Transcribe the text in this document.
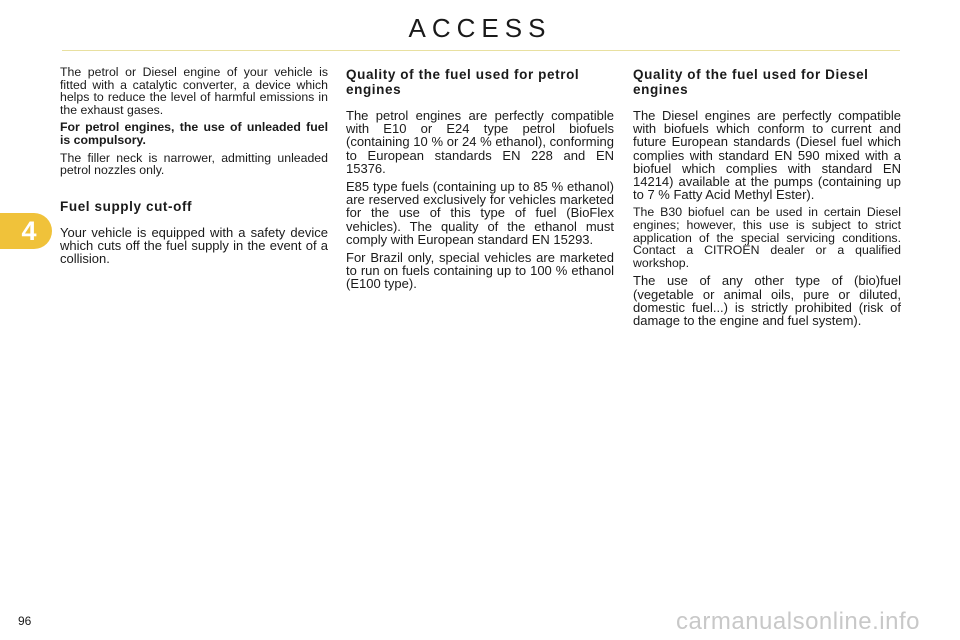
ACCESS
4

The petrol or Diesel engine of your vehicle is fitted with a catalytic converter, a device which helps to reduce the level of harmful emissions in the exhaust gases.

For petrol engines, the use of unleaded fuel is compulsory.

The filler neck is narrower, admitting unleaded petrol nozzles only.

Fuel supply cut-off

Your vehicle is equipped with a safety device which cuts off the fuel supply in the event of a collision.

Quality of the fuel used for petrol engines

The petrol engines are perfectly compatible with E10 or E24 type petrol biofuels (containing 10 % or 24 % ethanol), conforming to European standards EN 228 and EN 15376.

E85 type fuels (containing up to 85 % ethanol) are reserved exclusively for vehicles marketed for the use of this type of fuel (BioFlex vehicles). The quality of the ethanol must comply with European standard EN 15293.

For Brazil only, special vehicles are marketed to run on fuels containing up to 100 % ethanol (E100 type).

Quality of the fuel used for Diesel engines

The Diesel engines are perfectly compatible with biofuels which conform to current and future European standards (Diesel fuel which complies with standard EN 590 mixed with a biofuel which complies with standard EN 14214) available at the pumps (containing up to 7 % Fatty Acid Methyl Ester).

The B30 biofuel can be used in certain Diesel engines; however, this use is subject to strict application of the special servicing conditions. Contact a CITROËN dealer or a qualified workshop.

The use of any other type of (bio)fuel (vegetable or animal oils, pure or diluted, domestic fuel...) is strictly prohibited (risk of damage to the engine and fuel system).

96	carmanualsonline.info
